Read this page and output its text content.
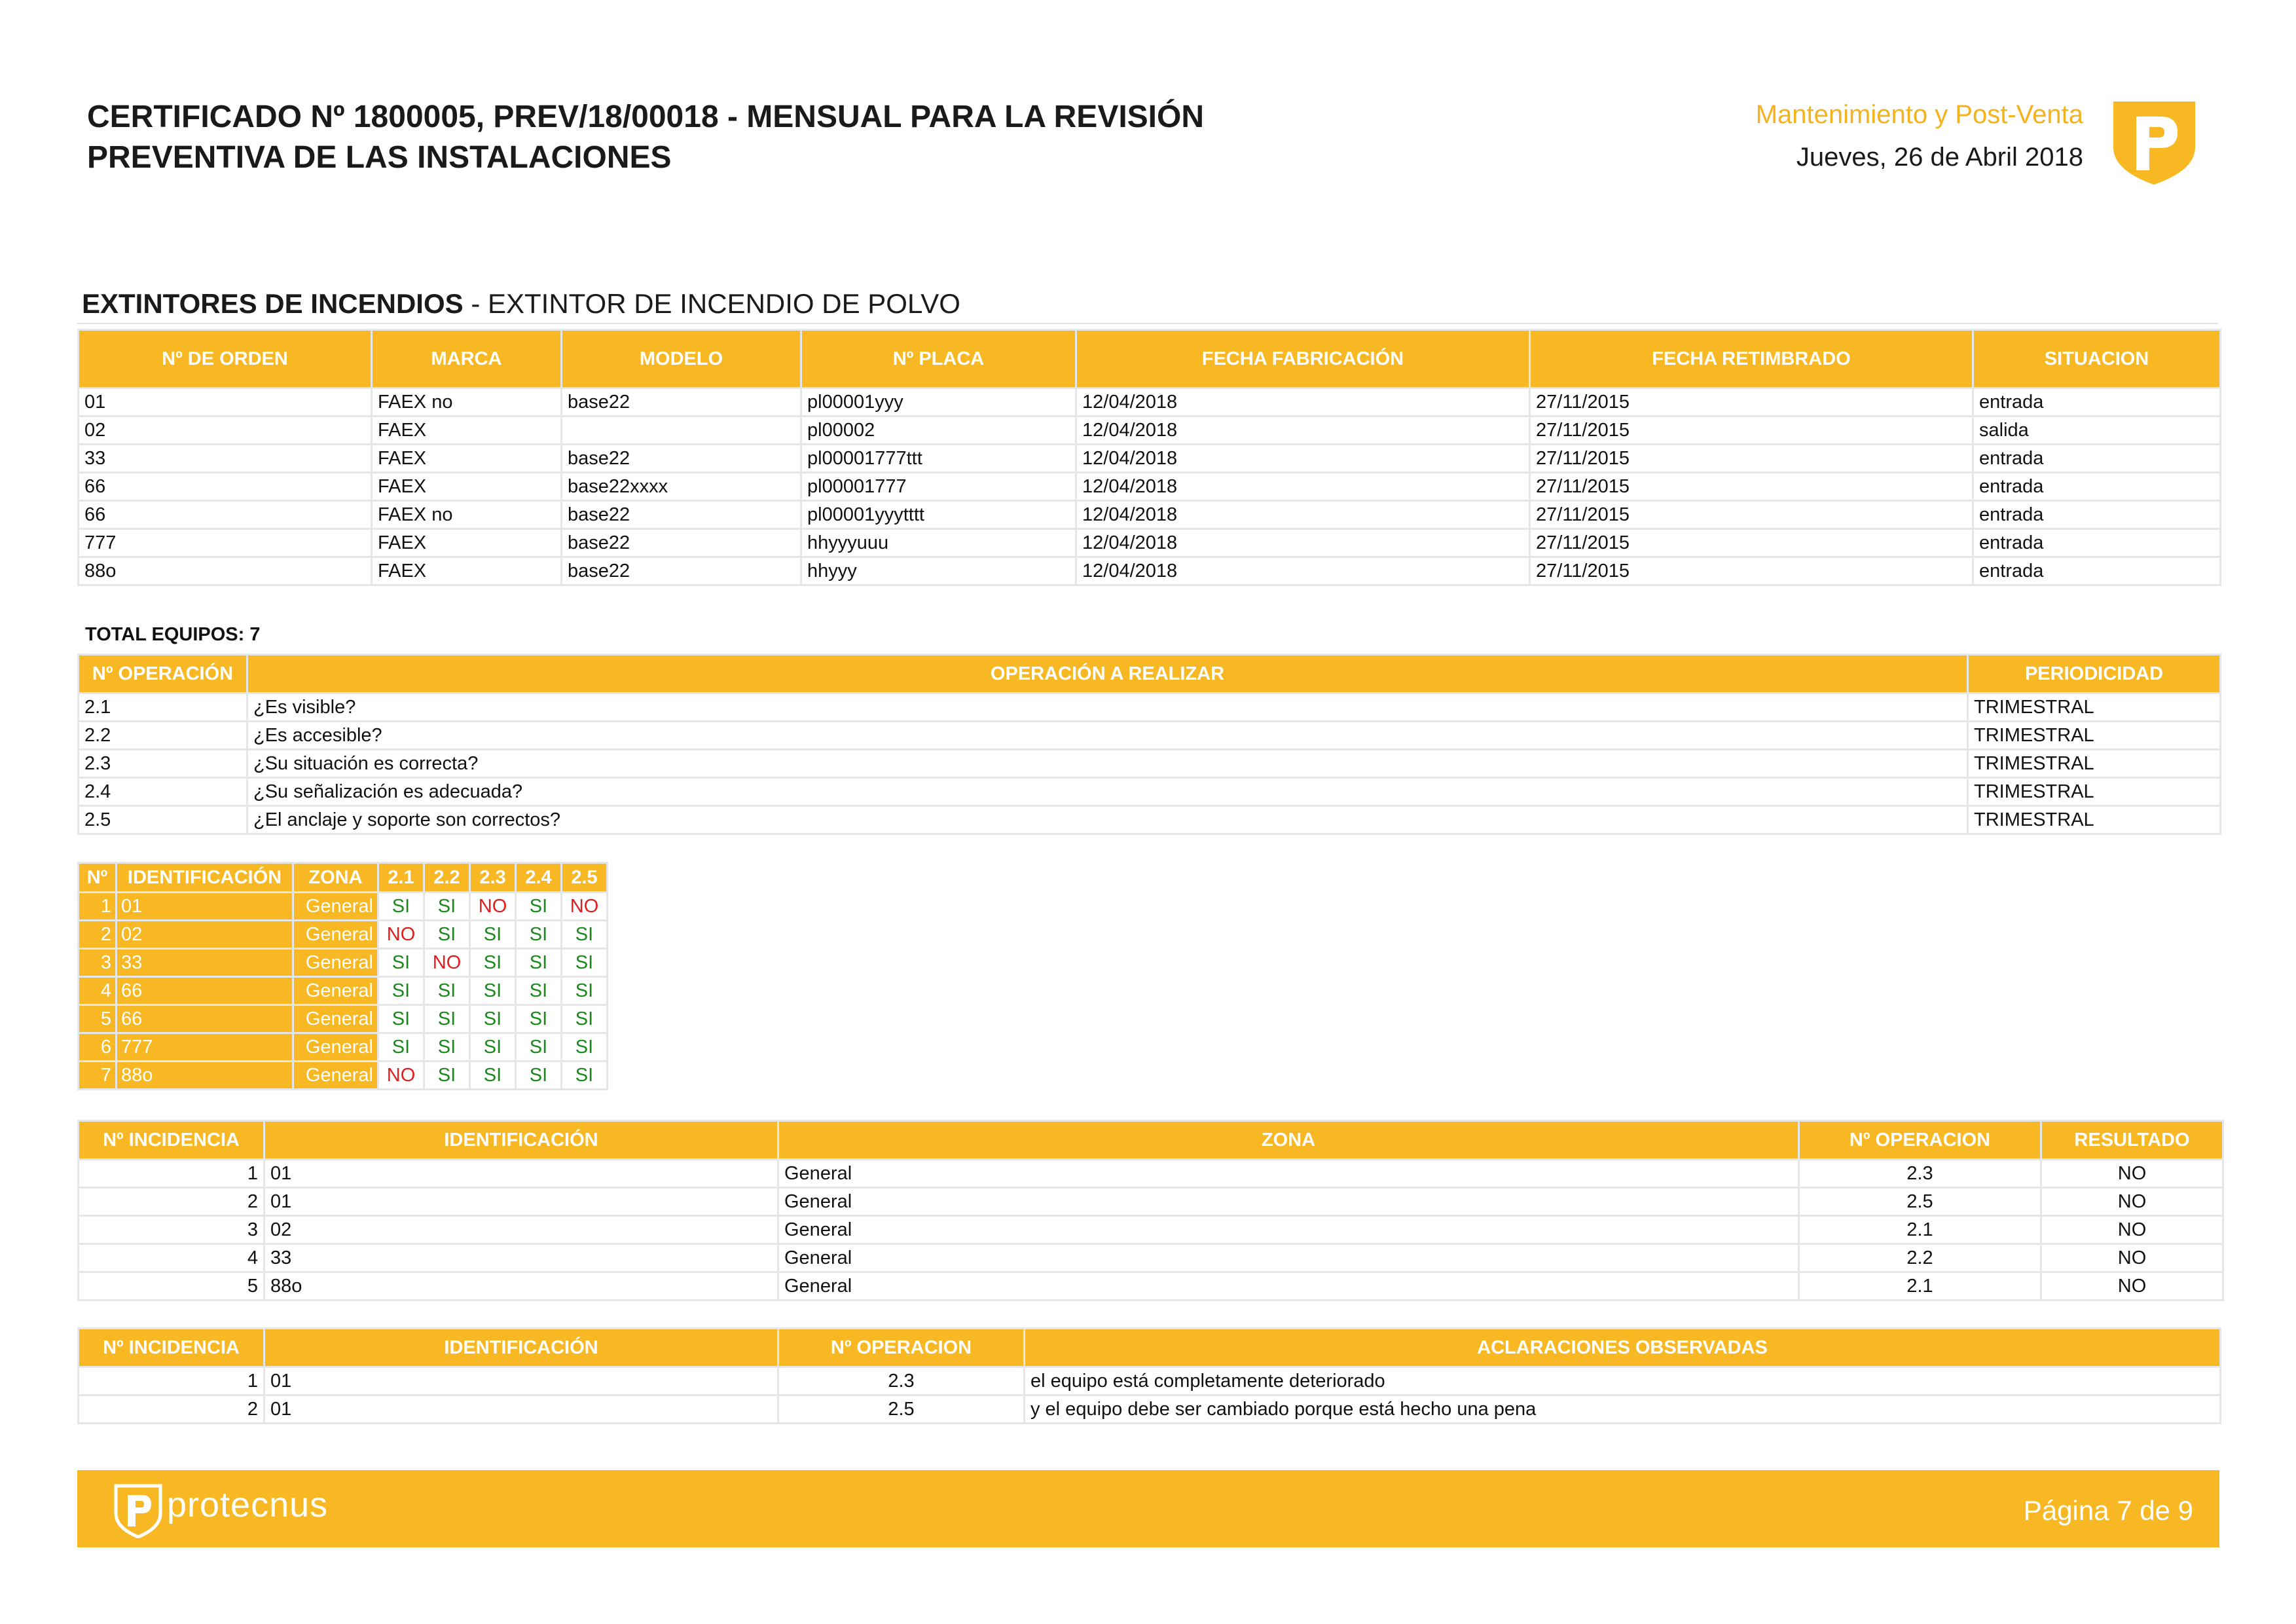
CERTIFICADO Nº 1800005, PREV/18/00018 - MENSUAL PARA LA REVISIÓN
PREVENTIVA DE LAS INSTALACIONES
Mantenimiento y Post-Venta
Jueves, 26 de Abril 2018
EXTINTORES DE INCENDIOS - EXTINTOR DE INCENDIO DE POLVO
Nº DE ORDEN	MARCA	MODELO	Nº PLACA	FECHA FABRICACIÓN	FECHA RETIMBRADO	SITUACION
01	FAEX no	base22	pl00001yyy	12/04/2018	27/11/2015	entrada
02	FAEX		pl00002	12/04/2018	27/11/2015	salida
33	FAEX	base22	pl00001777ttt	12/04/2018	27/11/2015	entrada
66	FAEX	base22xxxx	pl00001777	12/04/2018	27/11/2015	entrada
66	FAEX no	base22	pl00001yyytttt	12/04/2018	27/11/2015	entrada
777	FAEX	base22	hhyyyuuu	12/04/2018	27/11/2015	entrada
88o	FAEX	base22	hhyyy	12/04/2018	27/11/2015	entrada
TOTAL EQUIPOS: 7
Nº OPERACIÓN	OPERACIÓN A REALIZAR	PERIODICIDAD
2.1	¿Es visible?	TRIMESTRAL
2.2	¿Es accesible?	TRIMESTRAL
2.3	¿Su situación es correcta?	TRIMESTRAL
2.4	¿Su señalización es adecuada?	TRIMESTRAL
2.5	¿El anclaje y soporte son correctos?	TRIMESTRAL
Nº	IDENTIFICACIÓN	ZONA	2.1	2.2	2.3	2.4	2.5
1	01	General	SI	SI	NO	SI	NO
2	02	General	NO	SI	SI	SI	SI
3	33	General	SI	NO	SI	SI	SI
4	66	General	SI	SI	SI	SI	SI
5	66	General	SI	SI	SI	SI	SI
6	777	General	SI	SI	SI	SI	SI
7	88o	General	NO	SI	SI	SI	SI
Nº INCIDENCIA	IDENTIFICACIÓN	ZONA	Nº OPERACION	RESULTADO
1	01	General	2.3	NO
2	01	General	2.5	NO
3	02	General	2.1	NO
4	33	General	2.2	NO
5	88o	General	2.1	NO
Nº INCIDENCIA	IDENTIFICACIÓN	Nº OPERACION	ACLARACIONES OBSERVADAS
1	01	2.3	el equipo está completamente deteriorado
2	01	2.5	y el equipo debe ser cambiado porque está hecho una pena
protecnus	Página 7 de 9
